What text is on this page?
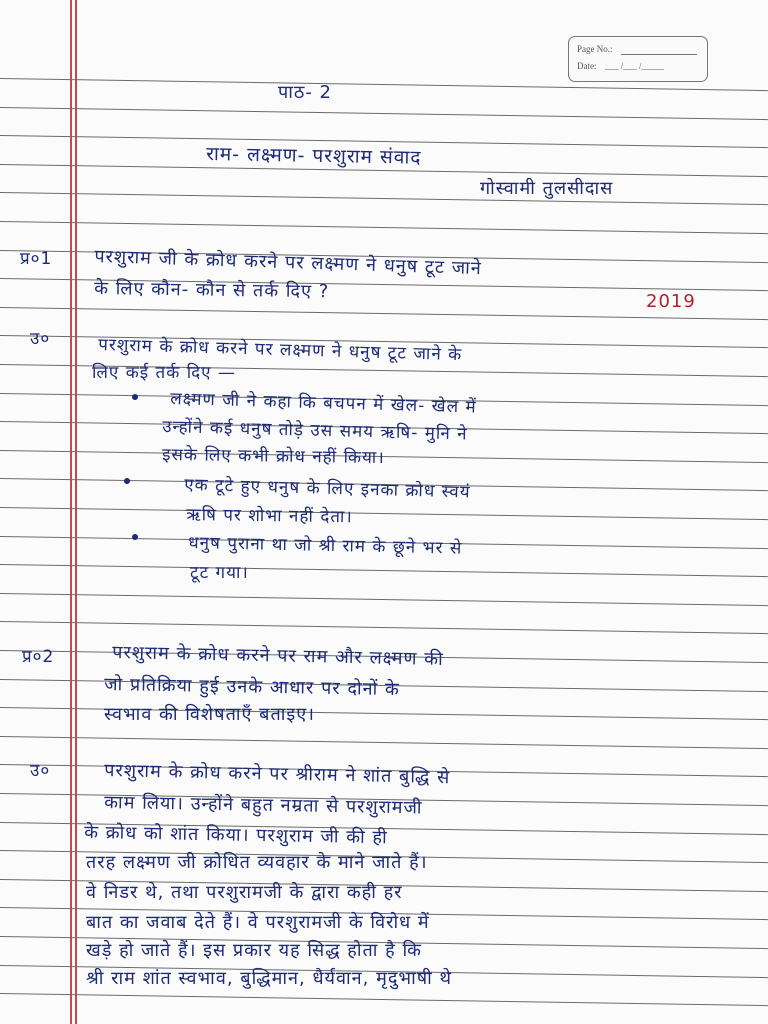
Page No.:
Date: ___ /___ /_____

पाठ- 2

राम- लक्ष्मण- परशुराम संवाद

गोस्वामी तुलसीदास

प्र०1 परशुराम जी के क्रोध करने पर लक्ष्मण ने धनुष टूट जाने

के लिए कौन- कौन से तर्क दिए ?	2019

उ०	परशुराम के क्रोध करने पर लक्ष्मण ने धनुष टूट जाने के

लिए कई तर्क दिए —

लक्ष्मण जी ने कहा कि बचपन में खेल- खेल में

उन्होंने कई धनुष तोड़े उस समय ऋषि- मुनि ने

इसके लिए कभी क्रोध नहीं किया।

एक टूटे हुए धनुष के लिए इनका क्रोध स्वयं

ऋषि पर शोभा नहीं देता।

धनुष पुराना था जो श्री राम के छूने भर से

टूट गया।

प्र०2	परशुराम के क्रोध करने पर राम और लक्ष्मण की

जो प्रतिक्रिया हुई उनके आधार पर दोनों के

स्वभाव की विशेषताएँ बताइए।

उ०	परशुराम के क्रोध करने पर श्रीराम ने शांत बुद्धि से

काम लिया। उन्होंने बहुत नम्रता से परशुरामजी

के क्रोध को शांत किया। परशुराम जी की ही

तरह लक्ष्मण जी क्रोधित व्यवहार के माने जाते हैं।

वे निडर थे, तथा परशुरामजी के द्वारा कही हर

बात का जवाब देते हैं। वे परशुरामजी के विरोध में

खड़े हो जाते हैं। इस प्रकार यह सिद्ध होता है कि

श्री राम शांत स्वभाव, बुद्धिमान, धैर्यवान, मृदुभाषी थे
